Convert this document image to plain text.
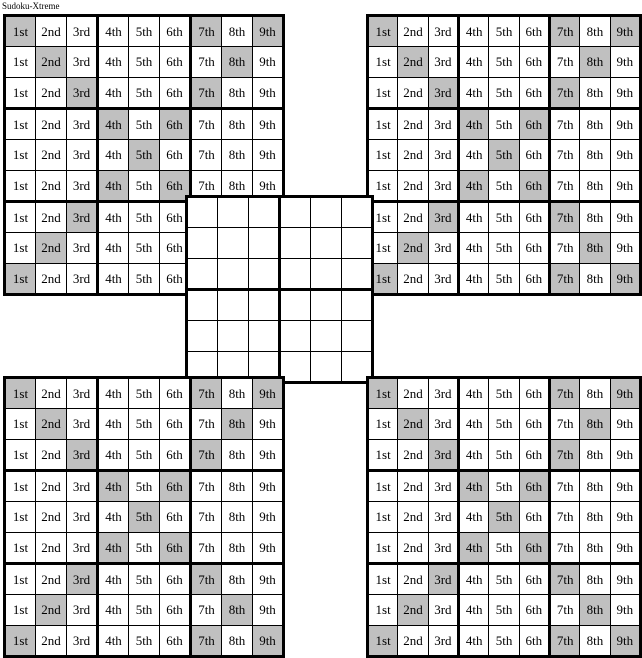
Sudoku-Xtreme
1st	2nd	3rd	4th	5th	6th	7th	8th	9th
1st	2nd	3rd	4th	5th	6th	7th	8th	9th
1st	2nd	3rd	4th	5th	6th	7th	8th	9th
1st	2nd	3rd	4th	5th	6th	7th	8th	9th
1st	2nd	3rd	4th	5th	6th	7th	8th	9th
1st	2nd	3rd	4th	5th	6th	7th	8th	9th
1st	2nd	3rd	4th	5th	6th			
1st	2nd	3rd	4th	5th	6th			
1st	2nd	3rd	4th	5th	6th			
1st	2nd	3rd	4th	5th	6th	7th	8th	9th
1st	2nd	3rd	4th	5th	6th	7th	8th	9th
1st	2nd	3rd	4th	5th	6th	7th	8th	9th
1st	2nd	3rd	4th	5th	6th	7th	8th	9th
1st	2nd	3rd	4th	5th	6th	7th	8th	9th
1st	2nd	3rd	4th	5th	6th	7th	8th	9th
1st	2nd	3rd	4th	5th	6th	7th	8th	9th
1st	2nd	3rd	4th	5th	6th	7th	8th	9th
1st	2nd	3rd	4th	5th	6th	7th	8th	9th

1st	2nd	3rd	4th	5th	6th	7th	8th	9th
1st	2nd	3rd	4th	5th	6th	7th	8th	9th
1st	2nd	3rd	4th	5th	6th	7th	8th	9th
1st	2nd	3rd	4th	5th	6th	7th	8th	9th
1st	2nd	3rd	4th	5th	6th	7th	8th	9th
1st	2nd	3rd	4th	5th	6th	7th	8th	9th
1st	2nd	3rd	4th	5th	6th	7th	8th	9th
1st	2nd	3rd	4th	5th	6th	7th	8th	9th
1st	2nd	3rd	4th	5th	6th	7th	8th	9th
1st	2nd	3rd	4th	5th	6th	7th	8th	9th
1st	2nd	3rd	4th	5th	6th	7th	8th	9th
1st	2nd	3rd	4th	5th	6th	7th	8th	9th
1st	2nd	3rd	4th	5th	6th	7th	8th	9th
1st	2nd	3rd	4th	5th	6th	7th	8th	9th
1st	2nd	3rd	4th	5th	6th	7th	8th	9th
1st	2nd	3rd	4th	5th	6th	7th	8th	9th
1st	2nd	3rd	4th	5th	6th	7th	8th	9th
1st	2nd	3rd	4th	5th	6th	7th	8th	9th
